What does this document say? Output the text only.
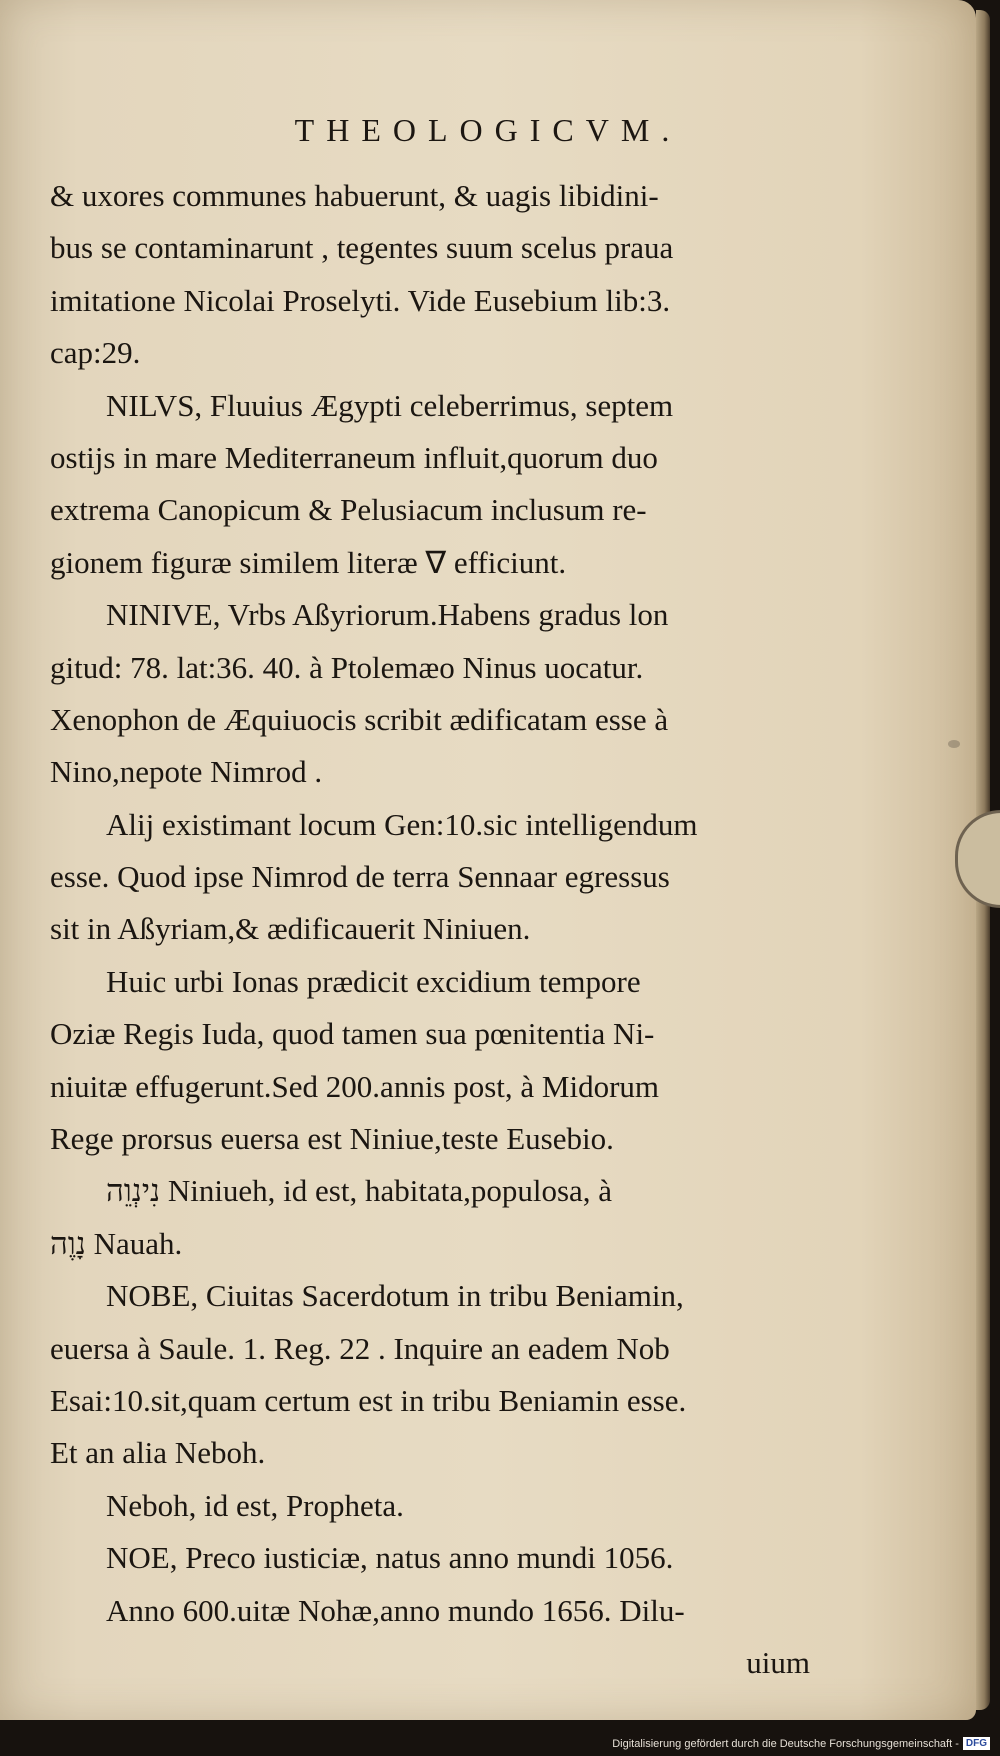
THEOLOGICVM.
& uxores communes habuerunt, & uagis libidini-
bus se contaminarunt , tegentes suum scelus praua
imitatione Nicolai Proselyti. Vide Eusebium lib:3.
cap:29.
NILVS, Fluuius Ægypti celeberrimus, septem
ostijs in mare Mediterraneum influit,quorum duo
extrema Canopicum & Pelusiacum inclusum re-
gionem figuræ similem literæ ∇ efficiunt.
NINIVE, Vrbs Aßyriorum.Habens gradus lon
gitud: 78. lat:36. 40. à Ptolemæo Ninus uocatur.
Xenophon de Æquiuocis scribit ædificatam esse à
Nino,nepote Nimrod .
Alij existimant locum Gen:10.sic intelligendum
esse. Quod ipse Nimrod de terra Sennaar egressus
sit in Aßyriam,& ædificauerit Niniuen.
Huic urbi Ionas prædicit excidium tempore
Oziæ Regis Iuda, quod tamen sua pœnitentia Ni-
niuitæ effugerunt.Sed 200.annis post, à Midorum
Rege prorsus euersa est Niniue,teste Eusebio.
נִינְוֵה Niniueh, id est, habitata,populosa, à
נָוֶה Nauah.
NOBE, Ciuitas Sacerdotum in tribu Beniamin,
euersa à Saule. 1. Reg. 22 . Inquire an eadem Nob
Esai:10.sit,quam certum est in tribu Beniamin esse.
Et an alia Neboh.
Neboh, id est, Propheta.
NOE, Preco iusticiæ, natus anno mundi 1056.
Anno 600.uitæ Nohæ,anno mundo 1656. Dilu-
uium
Digitalisierung gefördert durch die Deutsche Forschungsgemeinschaft - DFG
